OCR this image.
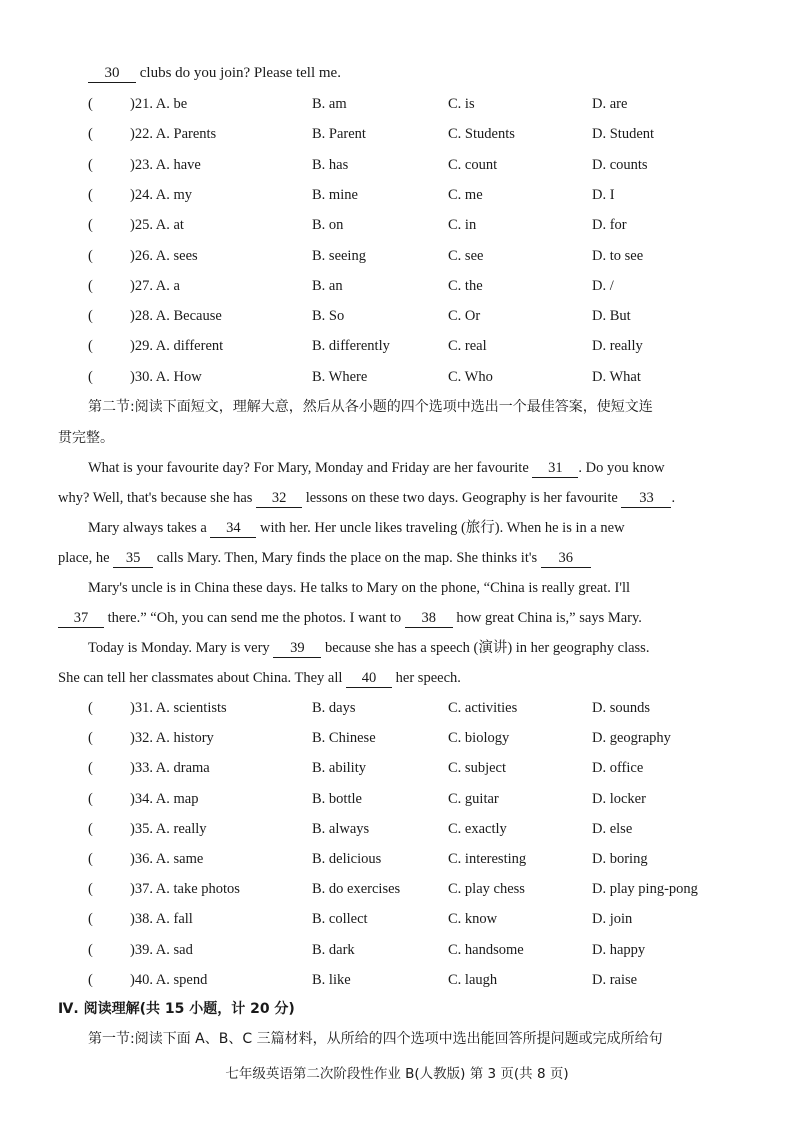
30 clubs do you join? Please tell me.
(	)21. A. be	B. am	C. is	D. are
(	)22. A. Parents	B. Parent	C. Students	D. Student
(	)23. A. have	B. has	C. count	D. counts
(	)24. A. my	B. mine	C. me	D. I
(	)25. A. at	B. on	C. in	D. for
(	)26. A. sees	B. seeing	C. see	D. to see
(	)27. A. a	B. an	C. the	D. /
(	)28. A. Because	B. So	C. Or	D. But
(	)29. A. different	B. differently	C. real	D. really
(	)30. A. How	B. Where	C. Who	D. What
第二节:阅读下面短文，理解大意，然后从各小题的四个选项中选出一个最佳答案，使短文连
贯完整。
What is your favourite day? For Mary, Monday and Friday are her favourite 31 . Do you know
why? Well, that's because she has 32 lessons on these two days. Geography is her favourite 33 .
Mary always takes a 34 with her. Her uncle likes traveling (旅行). When he is in a new
place, he 35 calls Mary. Then, Mary finds the place on the map. She thinks it's 36
Mary's uncle is in China these days. He talks to Mary on the phone, “China is really great. I'll
37 there.” “Oh, you can send me the photos. I want to 38 how great China is,” says Mary.
Today is Monday. Mary is very 39 because she has a speech (演讲) in her geography class.
She can tell her classmates about China. They all 40 her speech.
(	)31. A. scientists	B. days	C. activities	D. sounds
(	)32. A. history	B. Chinese	C. biology	D. geography
(	)33. A. drama	B. ability	C. subject	D. office
(	)34. A. map	B. bottle	C. guitar	D. locker
(	)35. A. really	B. always	C. exactly	D. else
(	)36. A. same	B. delicious	C. interesting	D. boring
(	)37. A. take photos	B. do exercises	C. play chess	D. play ping-pong
(	)38. A. fall	B. collect	C. know	D. join
(	)39. A. sad	B. dark	C. handsome	D. happy
(	)40. A. spend	B. like	C. laugh	D. raise
Ⅳ. 阅读理解(共 15 小题，计 20 分)
第一节:阅读下面 A、B、C 三篇材料，从所给的四个选项中选出能回答所提问题或完成所给句
七年级英语第二次阶段性作业 B(人教版) 第 3 页(共 8 页)
